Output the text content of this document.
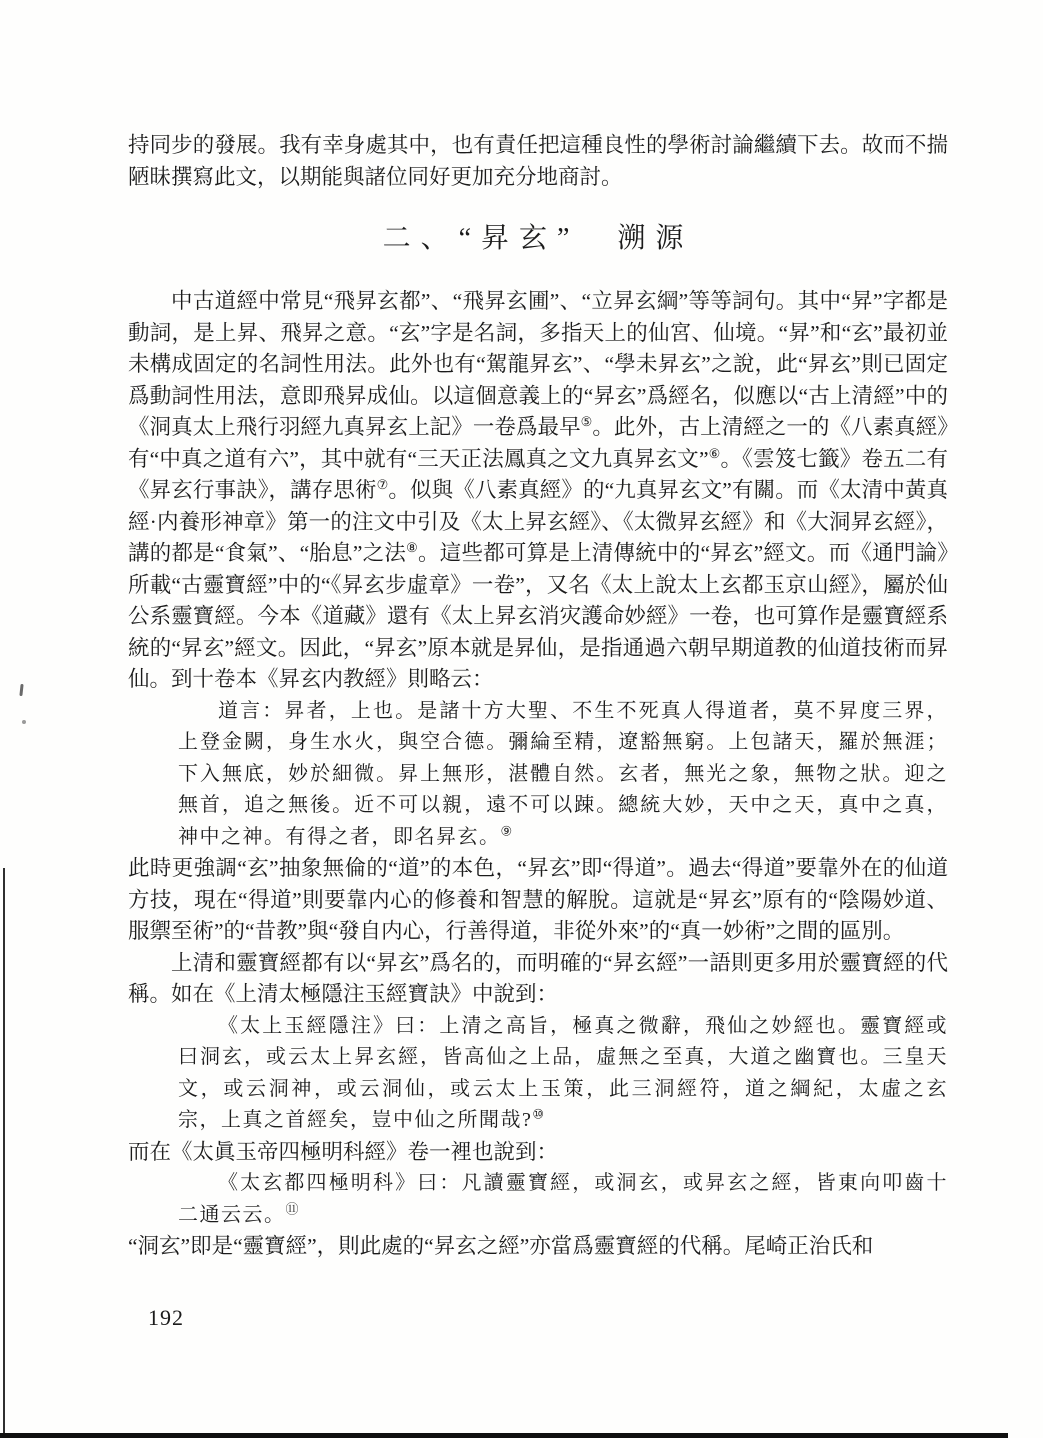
持同步的發展。我有幸身處其中，也有責任把這種良性的學術討論繼續下去。故而不揣陋昧撰寫此文，以期能與諸位同好更加充分地商討。

二、“昇玄”　溯源

中古道經中常見“飛昇玄都”、“飛昇玄圃”、“立昇玄綱”等等詞句。其中“昇”字都是動詞，是上昇、飛昇之意。“玄”字是名詞，多指天上的仙宮、仙境。“昇”和“玄”最初並未構成固定的名詞性用法。此外也有“駕龍昇玄”、“學未昇玄”之說，此“昇玄”則已固定爲動詞性用法，意即飛昇成仙。以這個意義上的“昇玄”爲經名，似應以“古上清經”中的《洞真太上飛行羽經九真昇玄上記》一卷爲最早⑤。此外，古上清經之一的《八素真經》有“中真之道有六”，其中就有“三天正法鳳真之文九真昇玄文”⑥。《雲笈七籤》卷五二有《昇玄行事訣》，講存思術⑦。似與《八素真經》的“九真昇玄文”有關。而《太清中黃真經·内養形神章》第一的注文中引及《太上昇玄經》、《太微昇玄經》和《大洞昇玄經》，講的都是“食氣”、“胎息”之法⑧。這些都可算是上清傳統中的“昇玄”經文。而《通門論》所載“古靈寶經”中的“《昇玄步虛章》一卷”，又名《太上說太上玄都玉京山經》，屬於仙公系靈寶經。今本《道藏》還有《太上昇玄消灾護命妙經》一卷，也可算作是靈寶經系統的“昇玄”經文。因此，“昇玄”原本就是昇仙，是指通過六朝早期道教的仙道技術而昇仙。到十卷本《昇玄内教經》則略云：

道言：昇者，上也。是諸十方大聖、不生不死真人得道者，莫不昇度三界，上登金闕，身生水火，與空合德。彌綸至精，遼豁無窮。上包諸天，羅於無涯；下入無底，妙於細微。昇上無形，湛體自然。玄者，無光之象，無物之狀。迎之無首，追之無後。近不可以親，遠不可以踈。總統大妙，天中之天，真中之真，神中之神。有得之者，即名昇玄。⑨

此時更強調“玄”抽象無倫的“道”的本色，“昇玄”即“得道”。過去“得道”要靠外在的仙道方技，現在“得道”則要靠内心的修養和智慧的解脫。這就是“昇玄”原有的“陰陽妙道、服禦至術”的“昔教”與“發自内心，行善得道，非從外來”的“真一妙術”之間的區別。

上清和靈寶經都有以“昇玄”爲名的，而明確的“昇玄經”一語則更多用於靈寶經的代稱。如在《上清太極隱注玉經寶訣》中說到：

《太上玉經隱注》曰：上清之高旨，極真之微辭，飛仙之妙經也。靈寶經或曰洞玄，或云太上昇玄經，皆高仙之上品，虛無之至真，大道之幽寶也。三皇天文，或云洞神，或云洞仙，或云太上玉策，此三洞經符，道之綱紀，太虛之玄宗，上真之首經矣，豈中仙之所聞哉?⑩

而在《太眞玉帝四極明科經》卷一裡也說到：

《太玄都四極明科》曰：凡讀靈寶經，或洞玄，或昇玄之經，皆東向叩齒十二通云云。⑪

“洞玄”即是“靈寶經”，則此處的“昇玄之經”亦當爲靈寶經的代稱。尾崎正治氏和

192
